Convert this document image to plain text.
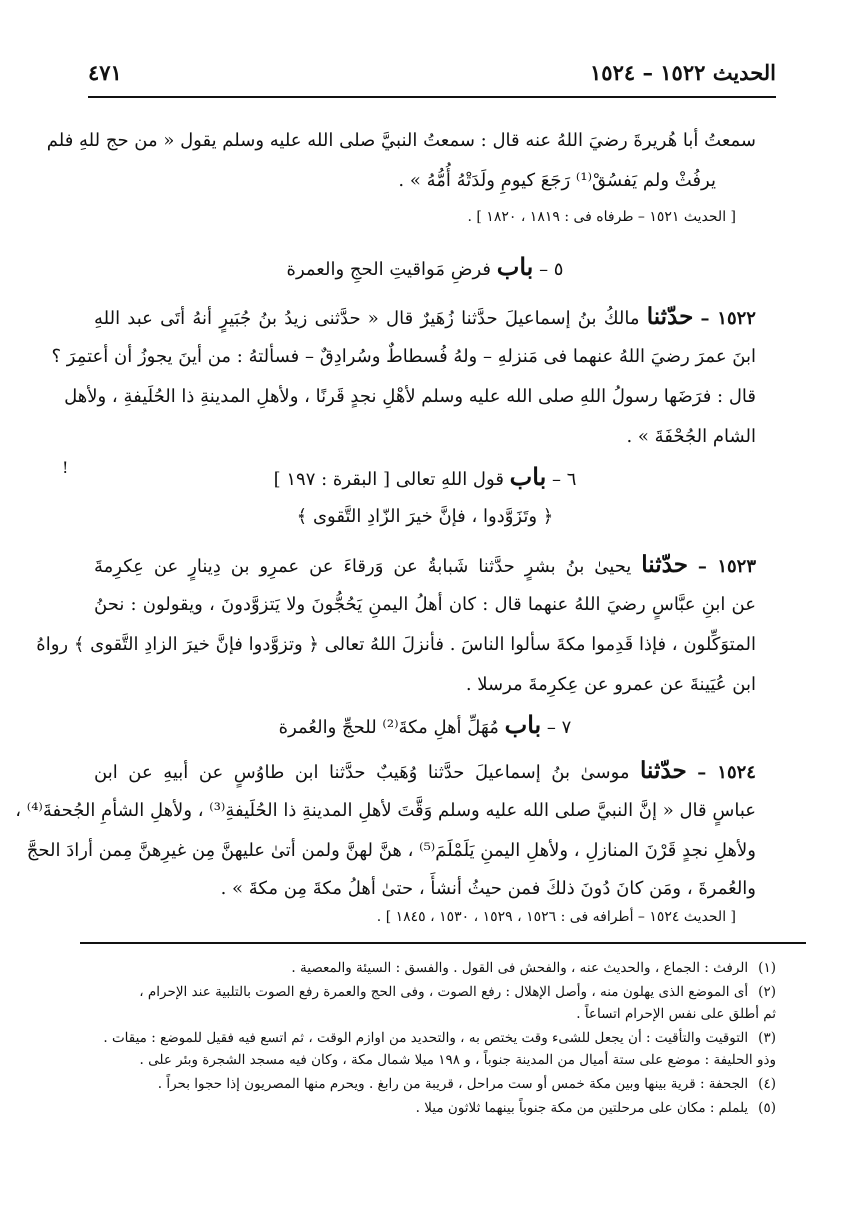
الحديث ١٥٢٢ – ١٥٢٤
٤٧١
سمعتُ أبا هُريرةَ رضيَ اللهُ عنه قال : سمعتُ النبيَّ صلى الله عليه وسلم يقول « من حج للهِ فلم
يرفُثْ ولم يَفسُقْ⁽¹⁾ رَجَعَ كيومِ ولَدَتْهُ أُمُّهُ » .
[ الحديث ١٥٢١ – طرفاه فى : ١٨١٩ ، ١٨٢٠ ] .
٥ – باب فرضِ مَواقيتِ الحجِ والعمرة
١٥٢٢ – حدّثنا مالكُ بنُ إسماعيلَ حدَّثنا زُهَيرٌ قال « حدَّثنى زيدُ بنُ جُبَيرٍ أنهُ أتَى عبد اللهِ
ابنَ عمرَ رضيَ اللهُ عنهما فى مَنزلهِ – ولهُ فُسطاطٌ وسُرادِقٌ – فسألتهُ : من أينَ يجوزُ أن أعتمِرَ ؟
قال : فرَضَها رسولُ اللهِ صلى الله عليه وسلم لأهْلِ نجدٍ قَرنًا ، ولأهلِ المدينةِ ذا الحُلَيفةِ ، ولأهل
الشام الجُحْفَةَ » .
!
٦ – باب قول اللهِ تعالى [ البقرة : ١٩٧ ]
﴿ وتَزَوَّدوا ، فإنَّ خيرَ الزّادِ التَّقوى ﴾
١٥٢٣ – حدّثنا يحيىٰ بنُ بشرٍ حدَّثنا شَبابةُ عن وَرقاءَ عن عمرِو بن دِينارٍ عن عِكرِمةَ
عن ابنِ عبَّاسٍ رضيَ اللهُ عنهما قال : كان أهلُ اليمنِ يَحُجُّونَ ولا يَتزوَّدونَ ، ويقولون : نحنُ
المتوَكِّلون ، فإذا قَدِموا مكةَ سألوا الناسَ . فأنزلَ اللهُ تعالى ﴿ وتزوَّدوا فإنَّ خيرَ الزادِ التَّقوى ﴾ رواهُ
ابن عُيَينةَ عن عمرو عن عِكرِمةَ مرسلا .
٧ – باب مُهَلِّ أهلِ مكةَ⁽²⁾ للحجِّ والعُمرة
١٥٢٤ – حدّثنا موسىٰ بنُ إسماعيلَ حدَّثنا وُهَيبٌ حدَّثنا ابن طاوُسٍ عن أبيهِ عن ابن
عباسٍ قال « إنَّ النبيَّ صلى الله عليه وسلم وَقَّتَ لأهلِ المدينةِ ذا الحُلَيفةِ⁽³⁾ ، ولأهلِ الشأمِ الجُحفةَ⁽⁴⁾ ،
ولأهلِ نجدٍ قَرْنَ المنازلِ ، ولأهلِ اليمنِ يَلَمْلَمَ⁽⁵⁾ ، هنَّ لهنَّ ولمن أتىٰ عليهنَّ مِن غيرِهنَّ مِمن أرادَ الحجَّ
والعُمرةَ ، ومَن كانَ دُونَ ذلكَ فمن حيثُ أنشأَ ، حتىٰ أهلُ مكةَ مِن مكةَ » .
[ الحديث ١٥٢٤ – أطرافه فى : ١٥٢٦ ، ١٥٢٩ ، ١٥٣٠ ، ١٨٤٥ ] .
(١)الرفث : الجماع ، والحديث عنه ، والفحش فى القول . والفسق : السيئة والمعصية .
(٢)أى الموضع الذى يهلون منه ، وأصل الإهلال : رفع الصوت ، وفى الحج والعمرة رفع الصوت بالتلبية عند الإحرام ،
ثم أطلق على نفس الإحرام اتساعاً .
(٣)التوقيت والتأقيت : أن يجعل للشىء وقت يختص به ، والتحديد من اوازم الوقت ، ثم اتسع فيه فقيل للموضع : ميقات .
وذو الحليفة : موضع على ستة أميال من المدينة جنوباً ، و ١٩٨ ميلا شمال مكة ، وكان فيه مسجد الشجرة وبئر على .
(٤)الجحفة : قرية بينها وبين مكة خمس أو ست مراحل ، قريبة من رابغ . ويحرم منها المصريون إذا حجوا بحراً .
(٥)يلملم : مكان على مرحلتين من مكة جنوباً بينهما ثلاثون ميلا .
